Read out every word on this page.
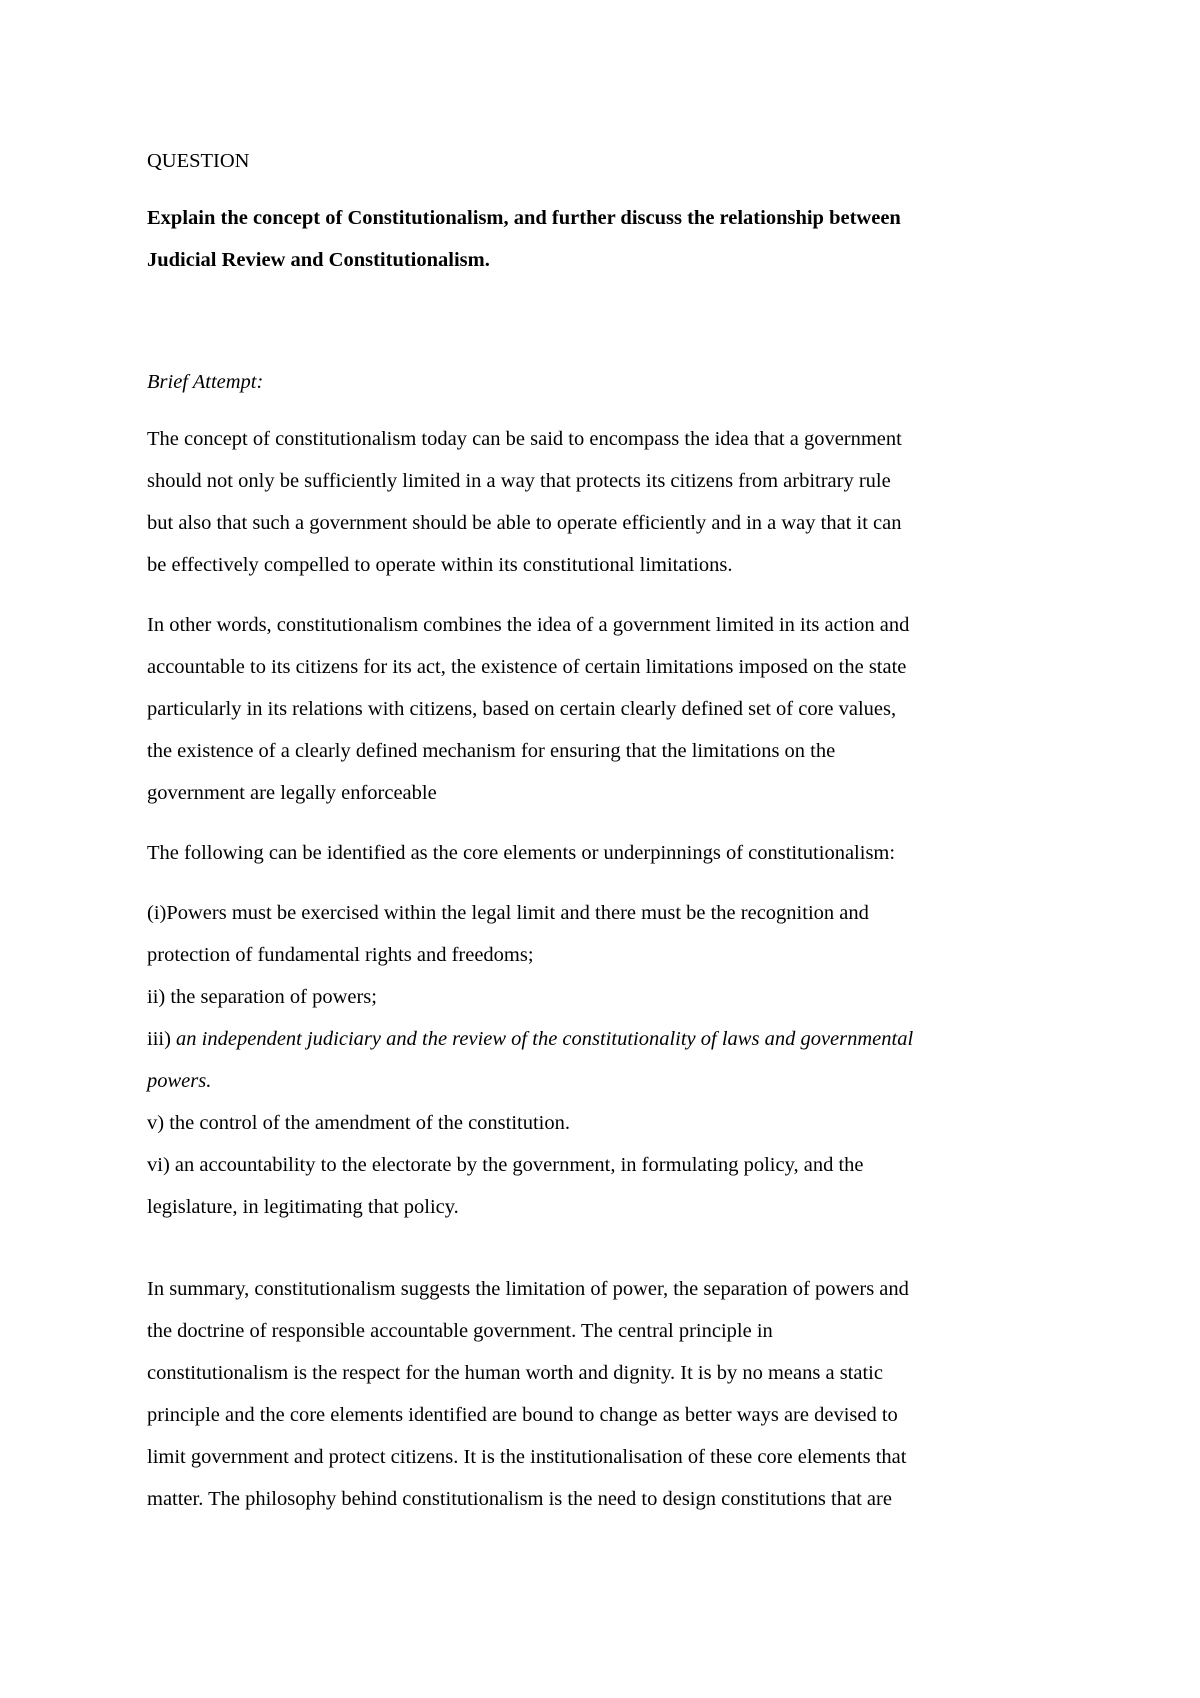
QUESTION
Explain the concept of Constitutionalism, and further discuss the relationship between
Judicial Review and Constitutionalism.
Brief Attempt:
The concept of constitutionalism today can be said to encompass the idea that a government
should not only be sufficiently limited in a way that protects its citizens from arbitrary rule
but also that such a government should be able to operate efficiently and in a way that it can
be effectively compelled to operate within its constitutional limitations.
In other words, constitutionalism combines the idea of a government limited in its action and
accountable to its citizens for its act, the existence of certain limitations imposed on the state
particularly in its relations with citizens, based on certain clearly defined set of core values,
the existence of a clearly defined mechanism for ensuring that the limitations on the
government are legally enforceable
The following can be identified as the core elements or underpinnings of constitutionalism:
(i)Powers must be exercised within the legal limit and there must be the recognition and
protection of fundamental rights and freedoms;
ii) the separation of powers;
iii) an independent judiciary and the review of the constitutionality of laws and governmental
powers.
v) the control of the amendment of the constitution.
vi) an accountability to the electorate by the government, in formulating policy, and the
legislature, in legitimating that policy.
In summary, constitutionalism suggests the limitation of power, the separation of powers and
the doctrine of responsible accountable government. The central principle in
constitutionalism is the respect for the human worth and dignity. It is by no means a static
principle and the core elements identified are bound to change as better ways are devised to
limit government and protect citizens. It is the institutionalisation of these core elements that
matter. The philosophy behind constitutionalism is the need to design constitutions that are
